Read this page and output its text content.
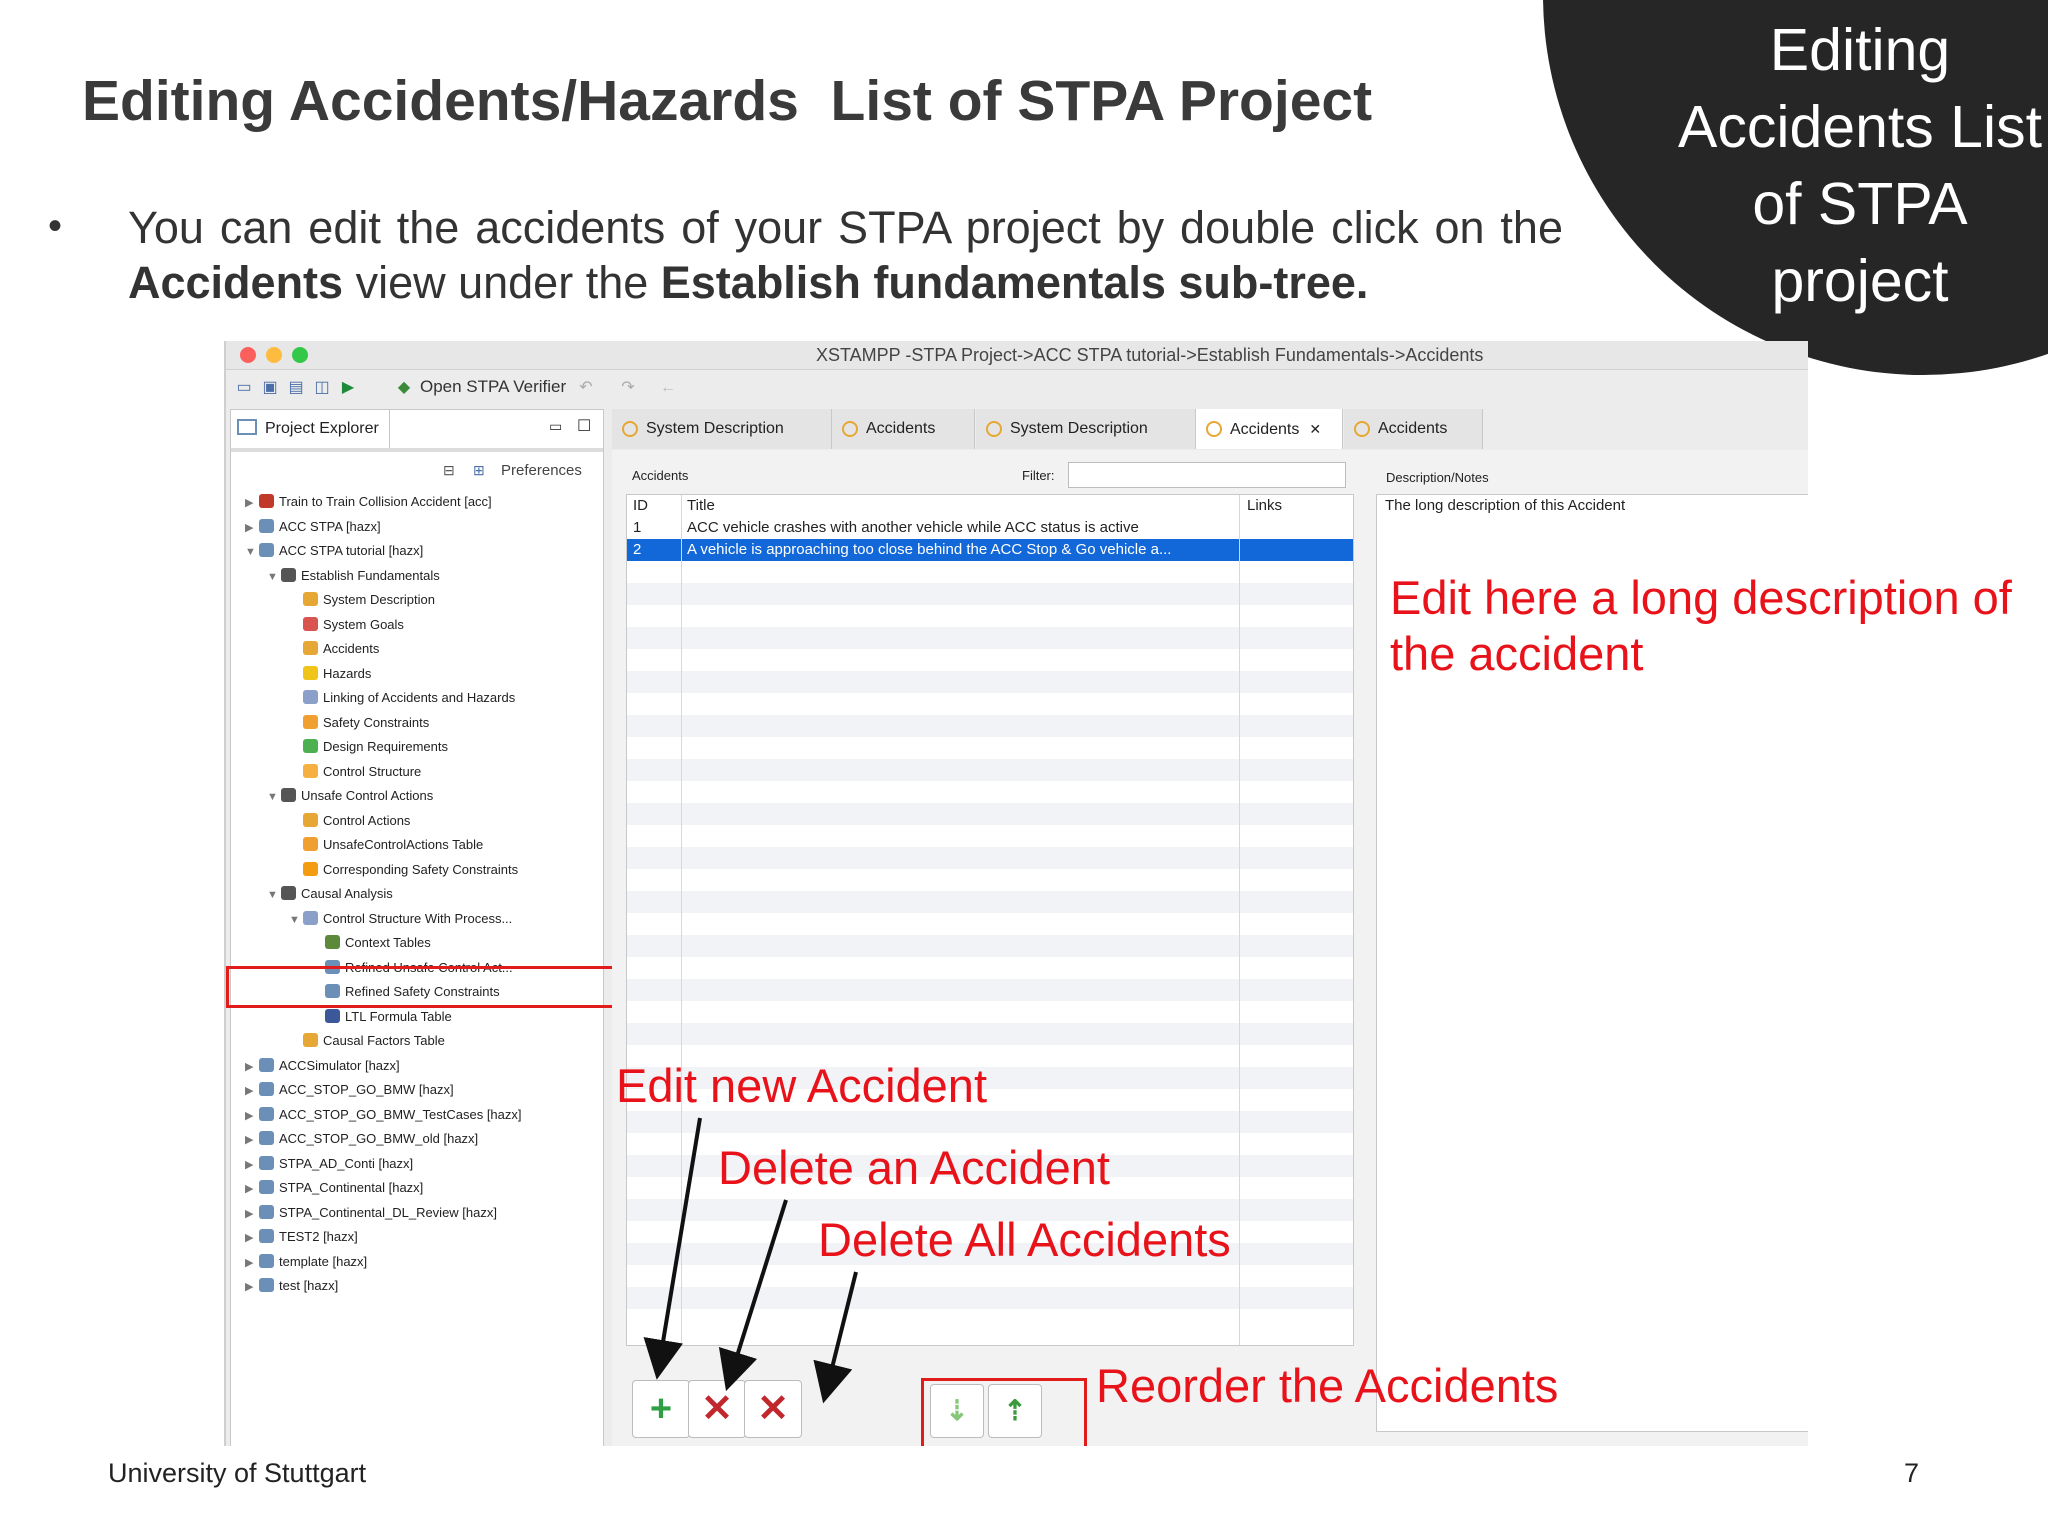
Editing
Accidents List
of STPA
project
Editing Accidents/Hazards  List of STPA Project
• You can edit the accidents of your STPA project by double click on the Accidents view under the Establish fundamentals sub-tree.
XSTAMPP -STPA Project->ACC STPA tutorial->Establish Fundamentals->Accidents
▭ ▣ ▤ ◫ ▶	◆ Open STPA Verifier ↶ ↷ ←
Project Explorer	▭ ☐
⊟ ⊞ Preferences
▶ Train to Train Collision Accident [acc]
▶ ACC STPA [hazx]
▼ ACC STPA tutorial [hazx]
▼ Establish Fundamentals
System Description
System Goals
Accidents
Hazards
Linking of Accidents and Hazards
Safety Constraints
Design Requirements
Control Structure
▼ Unsafe Control Actions
Control Actions
UnsafeControlActions Table
Corresponding Safety Constraints
▼ Causal Analysis
▼ Control Structure With Process...
Context Tables
Refined Unsafe Control Act...
Refined Safety Constraints
LTL Formula Table
Causal Factors Table
▶ ACCSimulator [hazx]
▶ ACC_STOP_GO_BMW [hazx]
▶ ACC_STOP_GO_BMW_TestCases [hazx]
▶ ACC_STOP_GO_BMW_old [hazx]
▶ STPA_AD_Conti [hazx]
▶ STPA_Continental [hazx]
▶ STPA_Continental_DL_Review [hazx]
▶ TEST2 [hazx]
▶ template [hazx]
▶ test [hazx]
System Description	Accidents	System Description	Accidents ✕	Accidents
Accidents	Filter:	Description/Notes
ID	Title	Links
1	ACC vehicle crashes with another vehicle while ACC status is active
2	A vehicle is approaching too close behind the ACC Stop & Go vehicle a...
The long description of this Accident
+ ✕ ✕	⇣	⇡
Edit here a long description of
the accident
Edit new Accident
Delete an Accident
Delete All Accidents
Reorder the Accidents
University of Stuttgart	7
